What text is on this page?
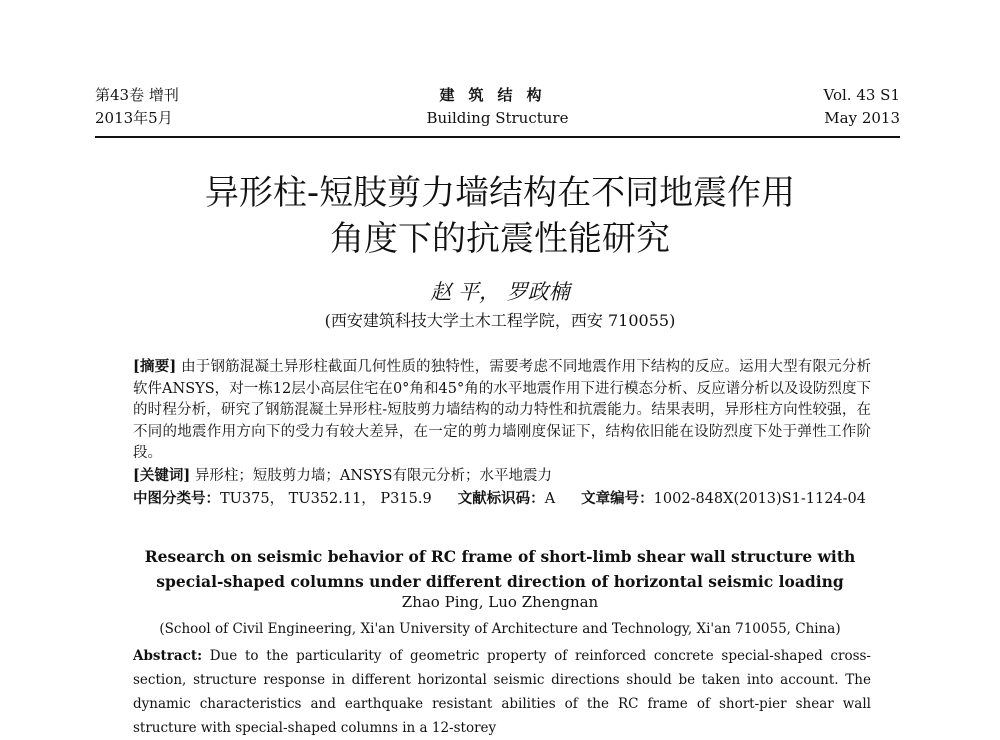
第43卷 增刊
2013年5月
建筑结构
Building Structure
Vol. 43 S1
May 2013
异形柱-短肢剪力墙结构在不同地震作用
角度下的抗震性能研究
赵 平， 罗政楠
(西安建筑科技大学土木工程学院，西安 710055)

[摘要] 由于钢筋混凝土异形柱截面几何性质的独特性，需要考虑不同地震作用下结构的反应。运用大型有限元分析软件ANSYS，对一栋12层小高层住宅在0°角和45°角的水平地震作用下进行模态分析、反应谱分析以及设防烈度下的时程分析，研究了钢筋混凝土异形柱-短肢剪力墙结构的动力特性和抗震能力。结果表明，异形柱方向性较强，在不同的地震作用方向下的受力有较大差异，在一定的剪力墙刚度保证下，结构依旧能在设防烈度下处于弹性工作阶段。

[关键词] 异形柱；短肢剪力墙；ANSYS有限元分析；水平地震力

中图分类号：TU375， TU352.11， P315.9 文献标识码：A 文章编号：1002-848X(2013)S1-1124-04

Research on seismic behavior of RC frame of short-limb shear wall structure with
special-shaped columns under different direction of horizontal seismic loading
Zhao Ping, Luo Zhengnan
(School of Civil Engineering, Xi'an University of Architecture and Technology, Xi'an 710055, China)
Abstract: Due to the particularity of geometric property of reinforced concrete special-shaped cross-section, structure response in different horizontal seismic directions should be taken into account. The dynamic characteristics and earthquake resistant abilities of the RC frame of short-pier shear wall structure with special-shaped columns in a 12-storey
